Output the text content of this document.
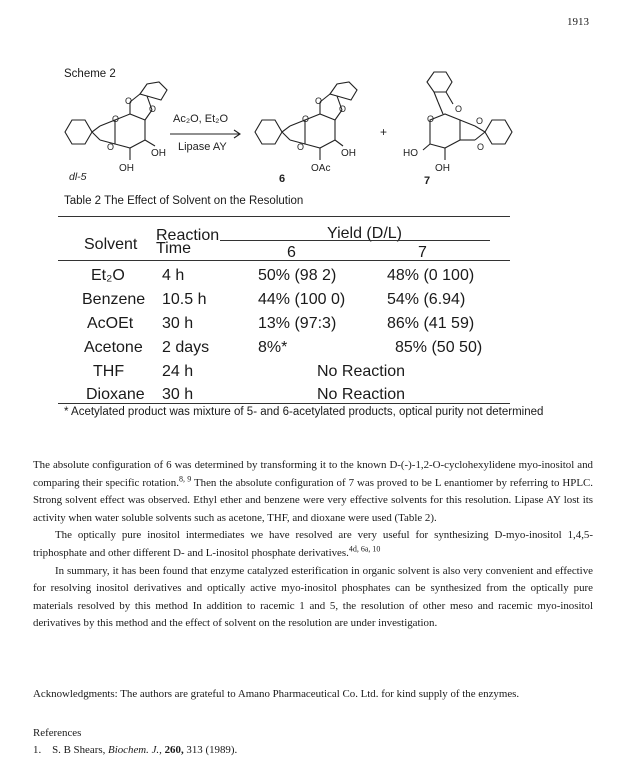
1913
Scheme 2
O
O
O
O
OH
OH
dl-5
Ac₂O, Et₂O
Lipase AY
O
O
O
O
OH
OAc
6
+
O
O
O
O
HO
OH
7
Table 2 The Effect of Solvent on the Resolution
Solvent
Reaction Time
Yield (D/L)
6	7
Et₂O 4 h	50% (98 2)	48% (0 100)
Benzene 10.5 h	44% (100 0)	54% (6.94)
AcOEt 30 h	13% (97:3)	86% (41 59)
Acetone 2 days	8%*	85% (50 50)
THF 24 h	No Reaction
Dioxane 30 h	No Reaction
* Acetylated product was mixture of 5- and 6-acetylated products, optical purity not determined

The absolute configuration of 6 was determined by transforming it to the known D-(-)-1,2-O-cyclohexylidene myo-inositol and comparing their specific rotation.$^{8, 9}$ Then the absolute configuration of 7 was proved to be L enantiomer by referring to HPLC. Strong solvent effect was observed. Ethyl ether and benzene were very effective solvents for this resolution. Lipase AY lost its activity when water soluble solvents such as acetone, THF, and dioxane were used (Table 2).

The optically pure inositol intermediates we have resolved are very useful for synthesizing D-myo-inositol 1,4,5-triphosphate and other different D- and L-inositol phosphate derivatives.$^{4d, 6a, 10}$

In summary, it has been found that enzyme catalyzed esterification in organic solvent is also very convenient and effective for resolving inositol derivatives and optically active myo-inositol phosphates can be synthesized from the optically pure materials resolved by this method In addition to racemic 1 and 5, the resolution of other meso and racemic myo-inositol derivatives by this method and the effect of solvent on the resolution are under investigation.

Acknowledgments: The authors are grateful to Amano Pharmaceutical Co. Ltd. for kind supply of the enzymes.
References
1. S. B Shears, Biochem. J., 260, 313 (1989).
